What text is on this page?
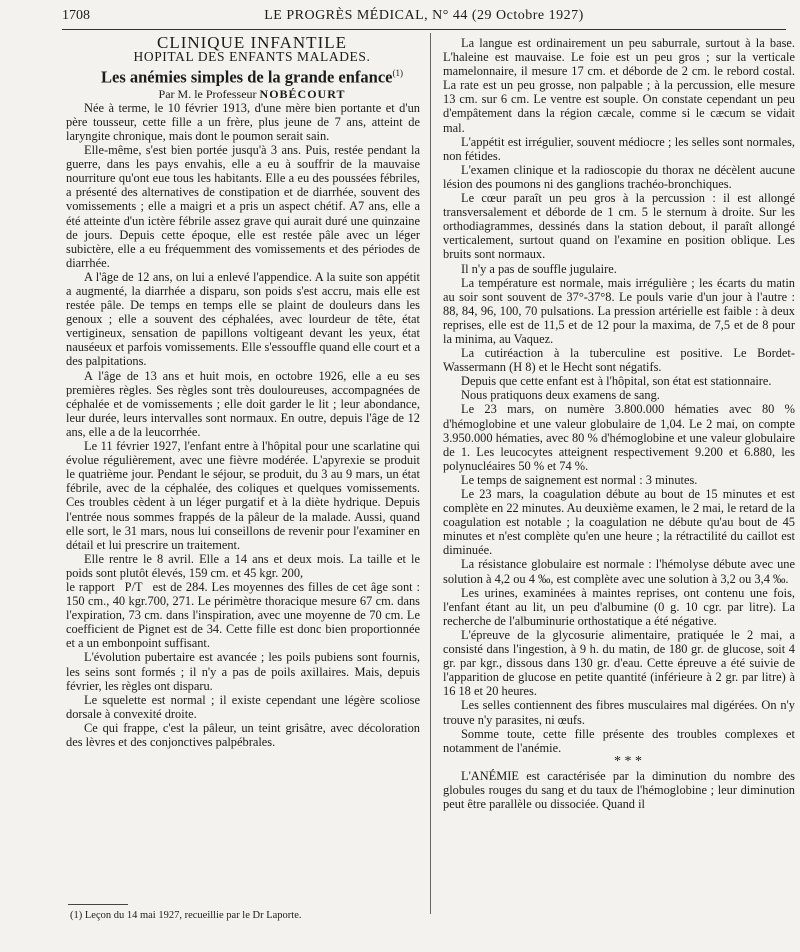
1708	LE PROGRÈS MÉDICAL, N° 44 (29 Octobre 1927)

CLINIQUE INFANTILE

HOPITAL DES ENFANTS MALADES.

Les anémies simples de la grande enfance$^{(1)}$

Par M. le Professeur NOBÉCOURT

Née à terme, le 10 février 1913, d'une mère bien portante et d'un père tousseur, cette fille a un frère, plus jeune de 7 ans, atteint de laryngite chronique, mais dont le poumon serait sain.

Elle-même, s'est bien portée jusqu'à 3 ans. Puis, restée pendant la guerre, dans les pays envahis, elle a eu à souffrir de la mauvaise nourriture qu'ont eue tous les habitants. Elle a eu des poussées fébriles, a présenté des alternatives de constipation et de diarrhée, souvent des vomissements ; elle a maigri et a pris un aspect chétif. A7 ans, elle a été atteinte d'un ictère fébrile assez grave qui aurait duré une quinzaine de jours. Depuis cette époque, elle est restée pâle avec un léger subictère, elle a eu fréquemment des vomissements et des périodes de diarrhée.

A l'âge de 12 ans, on lui a enlevé l'appendice. A la suite son appétit a augmenté, la diarrhée a disparu, son poids s'est accru, mais elle est restée pâle. De temps en temps elle se plaint de douleurs dans les genoux ; elle a souvent des céphalées, avec lourdeur de tête, état vertigineux, sensation de papillons voltigeant devant les yeux, état nauséeux et parfois vomissements. Elle s'essouffle quand elle court et a des palpitations.

A l'âge de 13 ans et huit mois, en octobre 1926, elle a eu ses premières règles. Ses règles sont très douloureuses, accompagnées de céphalée et de vomissements ; elle doit garder le lit ; leur abondance, leur durée, leurs intervalles sont normaux. En outre, depuis l'âge de 12 ans, elle a de la leucorrhée.

Le 11 février 1927, l'enfant entre à l'hôpital pour une scarlatine qui évolue régulièrement, avec une fièvre modérée. L'apyrexie se produit le quatrième jour. Pendant le séjour, se produit, du 3 au 9 mars, un état fébrile, avec de la céphalée, des coliques et quelques vomissements. Ces troubles cèdent à un léger purgatif et à la diète hydrique. Depuis l'entrée nous sommes frappés de la pâleur de la malade. Aussi, quand elle sort, le 31 mars, nous lui conseillons de revenir pour l'examiner en détail et lui prescrire un traitement.

Elle rentre le 8 avril. Elle a 14 ans et deux mois. La taille et le poids sont plutôt élevés, 159 cm. et 45 kgr. 200,

le rapport P/T est de 284. Les moyennes des filles de cet âge sont : 150 cm., 40 kgr.700, 271. Le périmètre thoracique mesure 67 cm. dans l'expiration, 73 cm. dans l'inspiration, avec une moyenne de 70 cm. Le coefficient de Pignet est de 34. Cette fille est donc bien proportionnée et a un embonpoint suffisant.

L'évolution pubertaire est avancée ; les poils pubiens sont fournis, les seins sont formés ; il n'y a pas de poils axillaires. Mais, depuis février, les règles ont disparu.

Le squelette est normal ; il existe cependant une légère scoliose dorsale à convexité droite.

Ce qui frappe, c'est la pâleur, un teint grisâtre, avec décoloration des lèvres et des conjonctives palpébrales.

(1) Leçon du 14 mai 1927, recueillie par le Dr Laporte.

La langue est ordinairement un peu saburrale, surtout à la base. L'haleine est mauvaise. Le foie est un peu gros ; sur la verticale mamelonnaire, il mesure 17 cm. et déborde de 2 cm. le rebord costal. La rate est un peu grosse, non palpable ; à la percussion, elle mesure 13 cm. sur 6 cm. Le ventre est souple. On constate cependant un peu d'empâtement dans la région cæcale, comme si le cæcum se vidait mal.

L'appétit est irrégulier, souvent médiocre ; les selles sont normales, non fétides.

L'examen clinique et la radioscopie du thorax ne décèlent aucune lésion des poumons ni des ganglions trachéo-bronchiques.

Le cœur paraît un peu gros à la percussion : il est allongé transversalement et déborde de 1 cm. 5 le sternum à droite. Sur les orthodiagrammes, dessinés dans la station debout, il paraît allongé verticalement, surtout quand on l'examine en position oblique. Les bruits sont normaux.

Il n'y a pas de souffle jugulaire.

La température est normale, mais irrégulière ; les écarts du matin au soir sont souvent de 37°-37°8. Le pouls varie d'un jour à l'autre : 88, 84, 96, 100, 70 pulsations. La pression artérielle est faible : à deux reprises, elle est de 11,5 et de 12 pour la maxima, de 7,5 et de 8 pour la minima, au Vaquez.

La cutiréaction à la tuberculine est positive. Le Bordet-Wassermann (H 8) et le Hecht sont négatifs.

Depuis que cette enfant est à l'hôpital, son état est stationnaire.

Nous pratiquons deux examens de sang.

Le 23 mars, on numère 3.800.000 hématies avec 80 % d'hémoglobine et une valeur globulaire de 1,04. Le 2 mai, on compte 3.950.000 hématies, avec 80 % d'hémoglobine et une valeur globulaire de 1. Les leucocytes atteignent respectivement 9.200 et 6.880, les polynucléaires 50 % et 74 %.

Le temps de saignement est normal : 3 minutes.

Le 23 mars, la coagulation débute au bout de 15 minutes et est complète en 22 minutes. Au deuxième examen, le 2 mai, le retard de la coagulation est notable ; la coagulation ne débute qu'au bout de 45 minutes et n'est complète qu'en une heure ; la rétractilité du caillot est diminuée.

La résistance globulaire est normale : l'hémolyse débute avec une solution à 4,2 ou 4 ‰, est complète avec une solution à 3,2 ou 3,4 ‰.

Les urines, examinées à maintes reprises, ont contenu une fois, l'enfant étant au lit, un peu d'albumine (0 g. 10 cgr. par litre). La recherche de l'albuminurie orthostatique a été négative.

L'épreuve de la glycosurie alimentaire, pratiquée le 2 mai, a consisté dans l'ingestion, à 9 h. du matin, de 180 gr. de glucose, soit 4 gr. par kgr., dissous dans 130 gr. d'eau. Cette épreuve a été suivie de l'apparition de glucose en petite quantité (inférieure à 2 gr. par litre) à 16 18 et 20 heures.

Les selles contiennent des fibres musculaires mal digérées. On n'y trouve n'y parasites, ni œufs.

Somme toute, cette fille présente des troubles complexes et notamment de l'anémie.

* * *

L'ANÉMIE est caractérisée par la diminution du nombre des globules rouges du sang et du taux de l'hémoglobine ; leur diminution peut être parallèle ou dissociée. Quand il
